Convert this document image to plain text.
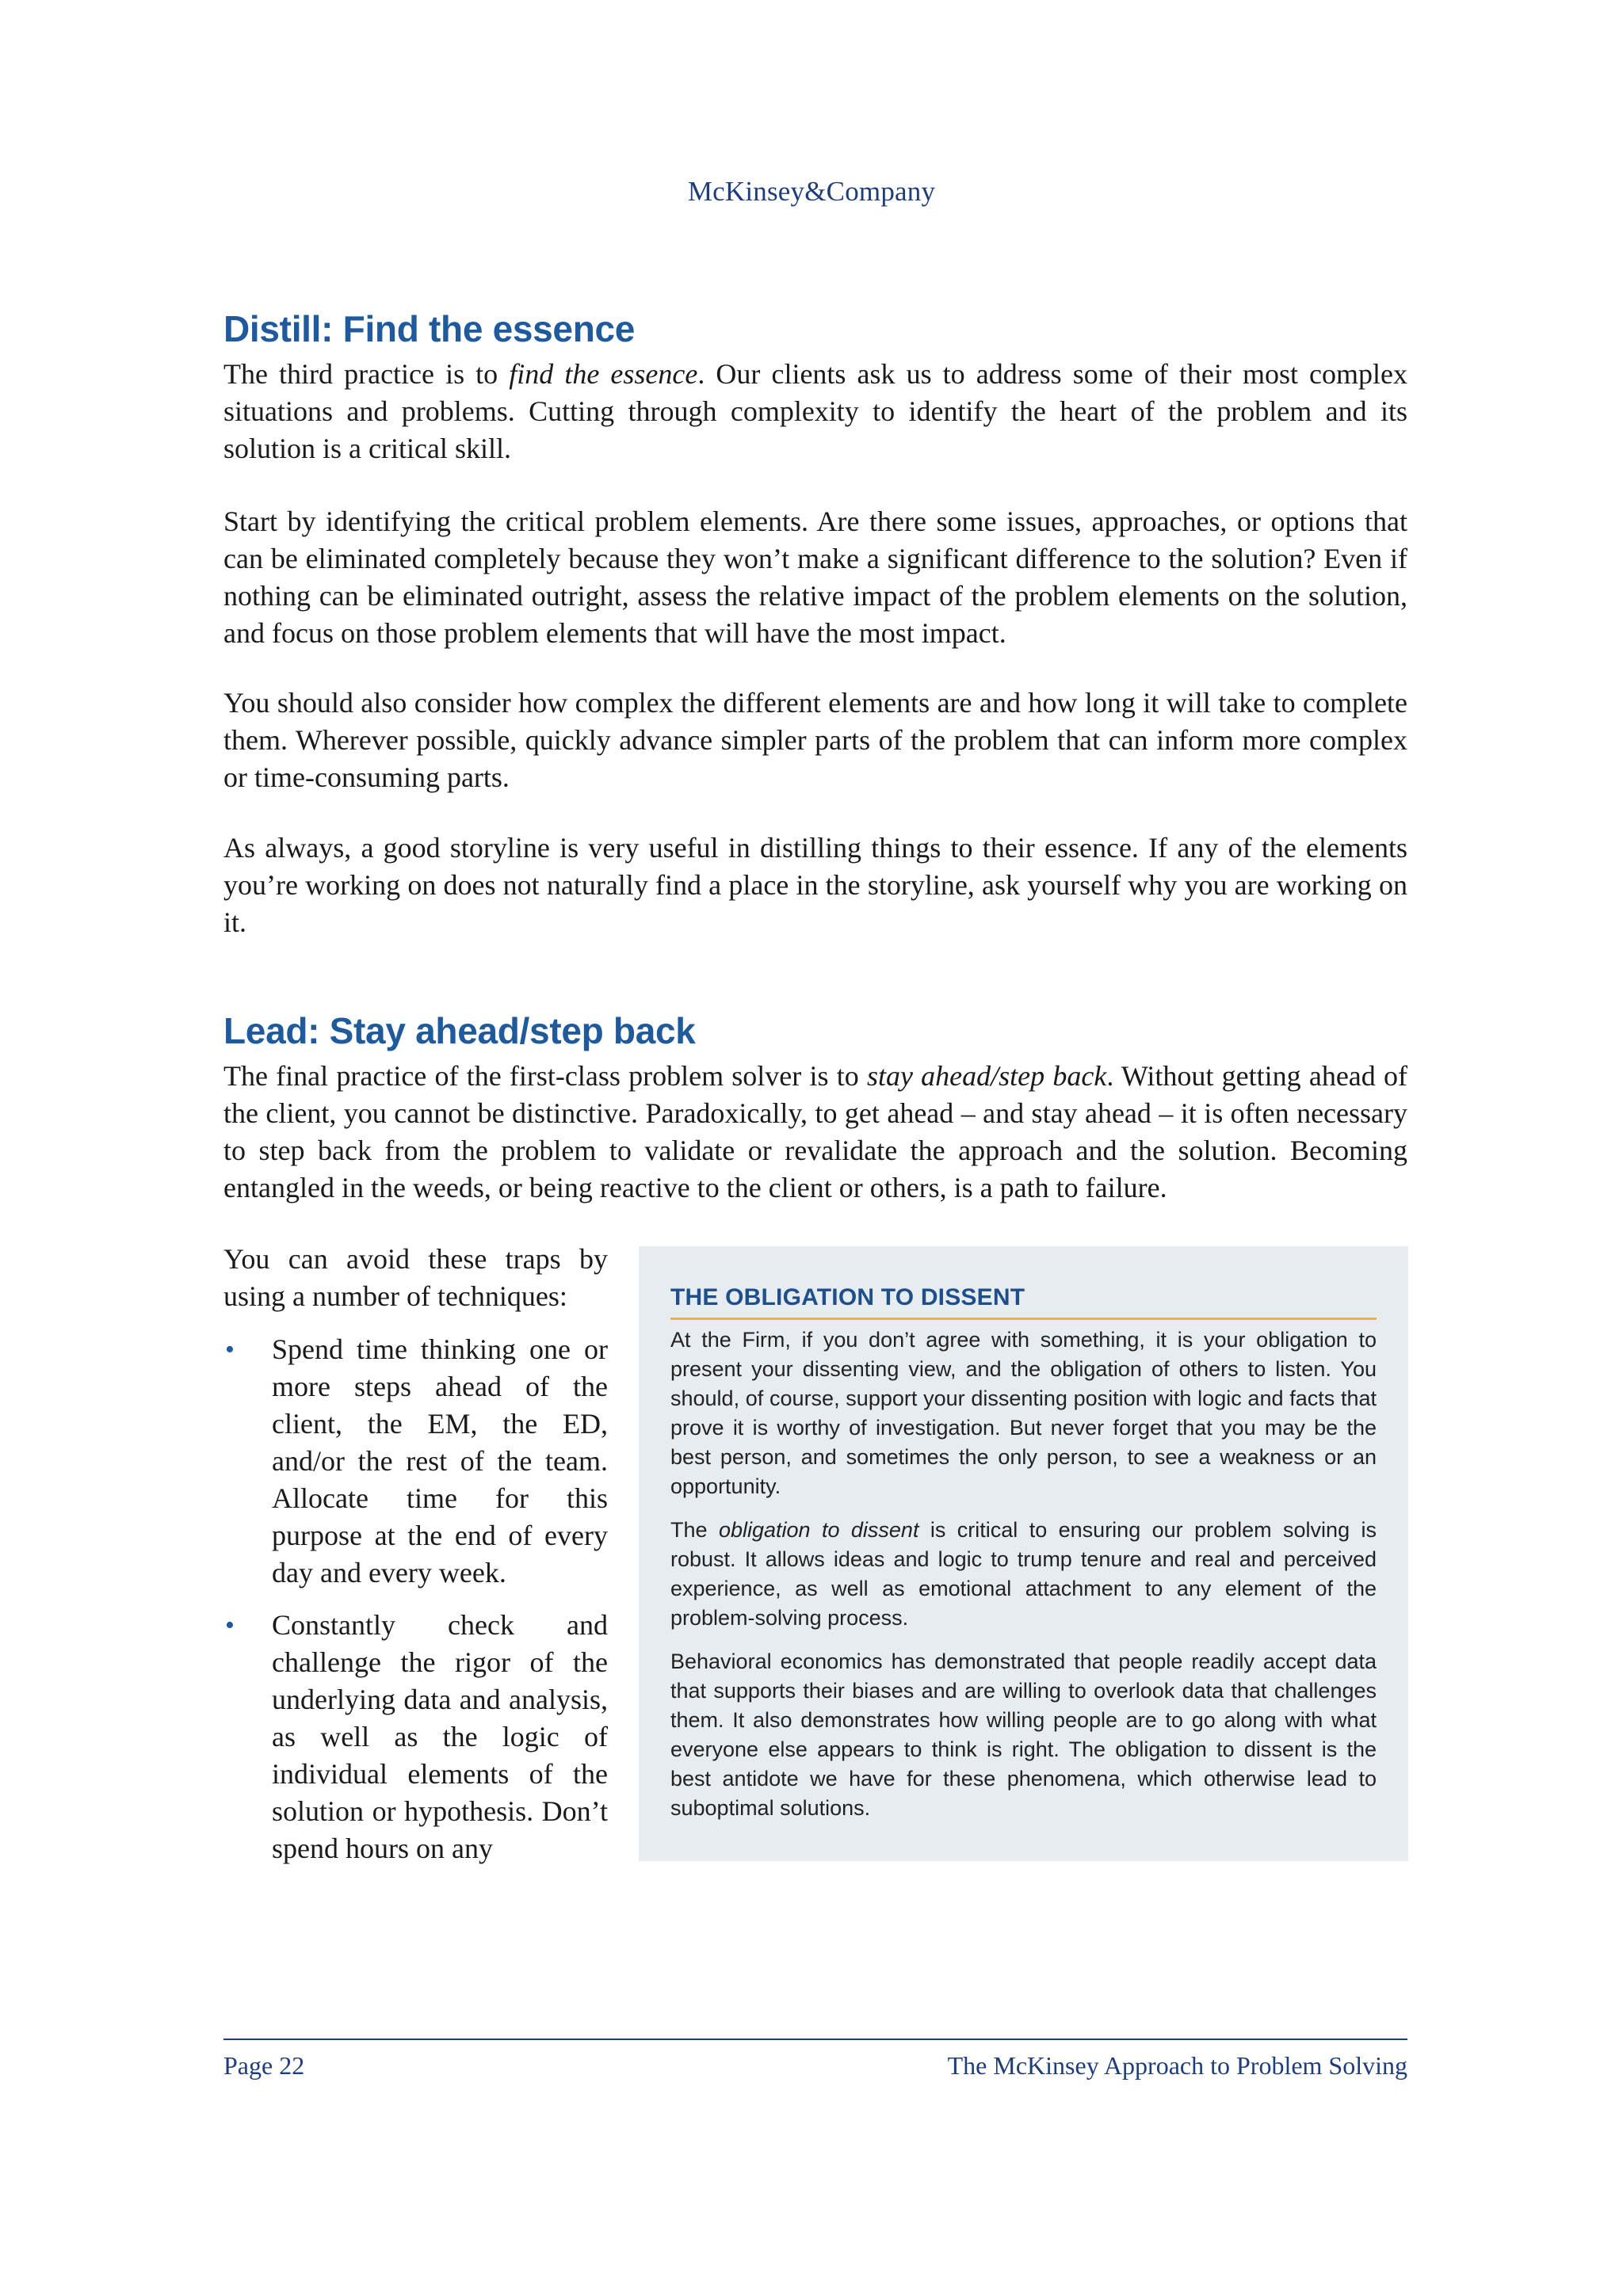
McKinsey&Company
Distill: Find the essence

The third practice is to find the essence. Our clients ask us to address some of their most complex situations and problems. Cutting through complexity to identify the heart of the problem and its solution is a critical skill.

Start by identifying the critical problem elements. Are there some issues, approaches, or options that can be eliminated completely because they won’t make a significant difference to the solution? Even if nothing can be eliminated outright, assess the relative impact of the problem elements on the solution, and focus on those problem elements that will have the most impact.

You should also consider how complex the different elements are and how long it will take to complete them. Wherever possible, quickly advance simpler parts of the problem that can inform more complex or time-consuming parts.

As always, a good storyline is very useful in distilling things to their essence. If any of the elements you’re working on does not naturally find a place in the storyline, ask yourself why you are working on it.

Lead: Stay ahead/step back

The final practice of the first-class problem solver is to stay ahead/step back. Without getting ahead of the client, you cannot be distinctive. Paradoxically, to get ahead – and stay ahead – it is often necessary to step back from the problem to validate or revalidate the approach and the solution. Becoming entangled in the weeds, or being reactive to the client or others, is a path to failure.

You can avoid these traps by using a number of techniques:

• Spend time thinking one or more steps ahead of the client, the EM, the ED, and/or the rest of the team. Allocate time for this purpose at the end of every day and every week.
• Constantly check and challenge the rigor of the underlying data and analysis, as well as the logic of individual elements of the solution or hypothesis. Don’t spend hours on any
THE OBLIGATION TO DISSENT

At the Firm, if you don’t agree with something, it is your obligation to present your dissenting view, and the obligation of others to listen. You should, of course, support your dissenting position with logic and facts that prove it is worthy of investigation. But never forget that you may be the best person, and sometimes the only person, to see a weakness or an opportunity.

The obligation to dissent is critical to ensuring our problem solving is robust. It allows ideas and logic to trump tenure and real and perceived experience, as well as emotional attachment to any element of the problem-solving process.

Behavioral economics has demonstrated that people readily accept data that supports their biases and are willing to overlook data that challenges them. It also demonstrates how willing people are to go along with what everyone else appears to think is right. The obligation to dissent is the best antidote we have for these phenomena, which otherwise lead to suboptimal solutions.

Page 22	The McKinsey Approach to Problem Solving
